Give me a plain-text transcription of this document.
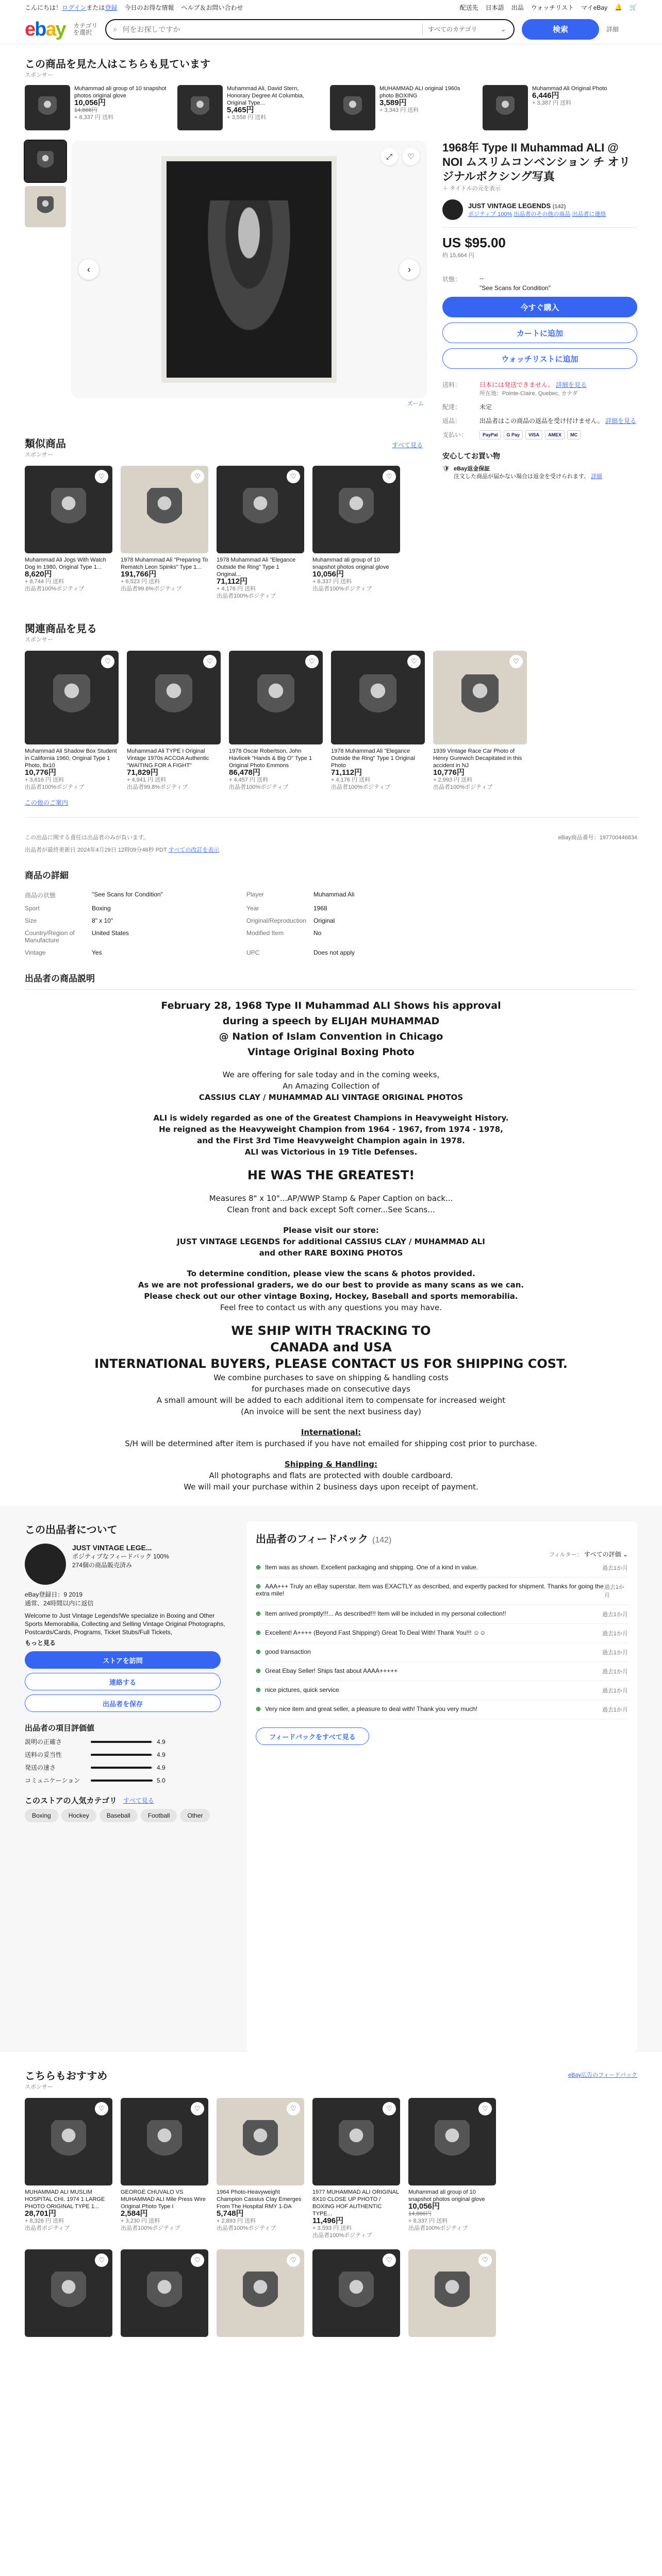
こんにちは！ログインまたは登録 今日のお得な情報 ヘルプ＆お問い合わせ	配送先 日本語 出品 ウォッチリスト マイeBay 🔔 🛒
ebay カテゴリ
を選択	⌕ 何をお探しですか	すべてのカテゴリ	⌄	検索	詳細
この商品を見た人はこちらも見ています
スポンサー
Muhammad ali group of 10 snapshot photos original glove
10,056円
14,866円
+ 8,337 円 送料
Muhammad Ali, David Stern, Honorary Degree At Columbia, Original Type...
5,465円
+ 3,558 円 送料
MUHAMMAD ALI original 1960s photo BOXING
3,589円
+ 3,343 円 送料
Muhammad Ali Original Photo
6,446円
+ 3,387 円 送料
‹	›
⤢	♡
ズーム
1968年 Type II Muhammad ALI @ NOI ムスリムコンベンション チ オリジナルボクシング写真
＋ タイトルの元を表示
JUST VINTAGE LEGENDS (142)
ポジティブ 100% 出品者のその他の商品 出品者に連絡
US $95.00
約 15,664 円
状態：	--
"See Scans for Condition"
今すぐ購入
カートに追加
ウォッチリストに追加
送料：	日本には発送できません。 詳細を見る
所在地：Pointe-Claire, Quebec, カナダ
配達：	未定
返品：	出品者はこの商品の返品を受け付けません。 詳細を見る
支払い：	PayPal	G Pay	VISA	AMEX	MC
安心してお買い物
🛡 eBay返金保証
注文した商品が届かない場合は返金を受けられます。 詳細
類似商品
スポンサー
すべて見る
♡
Muhammad Ali Jogs With Watch Dog In 1980, Original Type 1...
8,620円
+ 8,744 円 送料
出品者100%ポジティブ
♡
1978 Muhammad Ali "Preparing To Rematch Leon Spinks" Type 1...
191,766円
+ 6,523 円 送料
出品者99.6%ポジティブ
♡
1978 Muhammad Ali "Elegance Outside the Ring" Type 1 Original...
71,112円
+ 4,176 円 送料
出品者100%ポジティブ
♡
Muhammad ali group of 10 snapshot photos original glove
10,056円
+ 8,337 円 送料
出品者100%ポジティブ
関連商品を見る
スポンサー
♡
Muhammad Ali Shadow Box Student in California 1960, Original Type 1 Photo, 8x10
10,776円
+ 3,616 円 送料
出品者100%ポジティブ
♡
Muhammad Ali TYPE I Original Vintage 1970s ACCOA Authentic "WAITING FOR A FIGHT"
71,829円
+ 4,941 円 送料
出品者99.8%ポジティブ
♡
1978 Oscar Robertson, John Havlicek "Hands & Big O" Type 1 Original Photo Emmons
86,478円
+ 4,457 円 送料
出品者100%ポジティブ
♡
1978 Muhammad Ali "Elegance Outside the Ring" Type 1 Original Photo
71,112円
+ 4,176 円 送料
出品者100%ポジティブ
♡
1939 Vintage Race Car Photo of Henry Gurewich Decapitated in this accident in NJ
10,776円
+ 2,993 円 送料
出品者100%ポジティブ
この他のご案内
この出品に関する責任は出品者のみが負います。	eBay商品番号：197700446834
出品者が最終更新日 2024年4月29日 12時09分46秒 PDT すべての改訂を表示
商品の詳細
商品の状態	"See Scans for Condition"	Player	Muhammad Ali
Sport	Boxing	Year	1968
Size	8" x 10"	Original/Reproduction	Original
Country/Region of Manufacture	United States	Modified Item	No
Vintage	Yes	UPC	Does not apply
出品者の商品説明

February 28, 1968 Type II Muhammad ALI Shows his approval

during a speech by ELIJAH MUHAMMAD

@ Nation of Islam Convention in Chicago

Vintage Original Boxing Photo

We are offering for sale today and in the coming weeks,

An Amazing Collection of

CASSIUS CLAY / MUHAMMAD ALI VINTAGE ORIGINAL PHOTOS

ALI is widely regarded as one of the Greatest Champions in Heavyweight History.

He reigned as the Heavyweight Champion from 1964 - 1967, from 1974 - 1978,

and the First 3rd Time Heavyweight Champion again in 1978.

ALI was Victorious in 19 Title Defenses.

HE WAS THE GREATEST!

Measures 8" x 10"...AP/WWP Stamp & Paper Caption on back...

Clean front and back except Soft corner...See Scans...

Please visit our store:

JUST VINTAGE LEGENDS for additional CASSIUS CLAY / MUHAMMAD ALI

and other RARE BOXING PHOTOS

To determine condition, please view the scans & photos provided.

As we are not professional graders, we do our best to provide as many scans as we can.

Please check out our other vintage Boxing, Hockey, Baseball and sports memorabilia.

Feel free to contact us with any questions you may have.

WE SHIP WITH TRACKING TO

CANADA and USA

INTERNATIONAL BUYERS, PLEASE CONTACT US FOR SHIPPING COST.

We combine purchases to save on shipping & handling costs

for purchases made on consecutive days

A small amount will be added to each additional item to compensate for increased weight

(An invoice will be sent the next business day)

International:

S/H will be determined after item is purchased if you have not emailed for shipping cost prior to purchase.

Shipping & Handling:

All photographs and flats are protected with double cardboard.

We will mail your purchase within 2 business days upon receipt of payment.

この出品者について
JUST VINTAGE LEGE...
ポジティブなフィードバック 100%
274個の商品販売済み
eBay登録日：9 2019
通常、24時間以内に返信
Welcome to Just Vintage Legends!We specialize in Boxing and Other Sports Memorabilia, Collecting and Selling Vintage Original Photographs, Postcards/Cards, Programs, Ticket Stubs/Full Tickets,
もっと見る
ストアを訪問
連絡する
出品者を保存
出品者の項目評価値
説明の正確さ	4.9
送料の妥当性	4.9
発送の速さ	4.9
コミュニケーション	5.0
このストアの人気カテゴリ すべて見る
Boxing	Hockey	Baseball	Football	Other
出品者のフィードバック (142)
フィルター： すべての評価 ⌄
⊕ Item was as shown. Excellent packaging and shipping. One of a kind in value.	過去1か月
⊕ AAA+++ Truly an eBay superstar. Item was EXACTLY as described, and expertly packed for shipment. Thanks for going the extra mile!
過去1か月
⊕ Item arrived promptly!!!... As described!!! Item will be included in my personal collection!!	過去1か月
⊕ Excellent! A++++ (Beyond Fast Shipping!) Great To Deal With! Thank You!!! ☺☺	過去1か月
⊕ good transaction	過去1か月
⊕ Great Ebay Seller! Ships fast about AAAA+++++	過去1か月
⊕ nice pictures, quick service	過去1か月
⊕ Very nice item and great seller, a pleasure to deal with! Thank you very much!	過去1か月
フィードバックをすべて見る
こちらもおすすめ
スポンサー
eBay広告のフィードバック
♡
MUHAMMAD ALI MUSLIM HOSPITAL CHI. 1974 1 LARGE PHOTO ORIGINAL TYPE 1...
28,701円
+ 8,326 円 送料
出品者ポジティブ
♡
GEORGE CHUVALO VS MUHAMMAD ALI Mile Press Wire Original Photo Type I
2,584円
+ 3,230 円 送料
出品者100%ポジティブ
♡
1964 Photo-Heavyweight Champion Cassius Clay Emerges From The Hospital RMY 1-DA
5,748円
+ 2,893 円 送料
出品者100%ポジティブ
♡
1977 MUHAMMAD ALI ORIGINAL 8X10 CLOSE UP PHOTO / BOXING HOF AUTHENTIC TYPE...
11,496円
+ 3,593 円 送料
出品者100%ポジティブ
♡
Muhammad ali group of 10 snapshot photos original glove
10,056円
14,866円
+ 8,337 円 送料
出品者100%ポジティブ
♡	♡	♡	♡	♡
